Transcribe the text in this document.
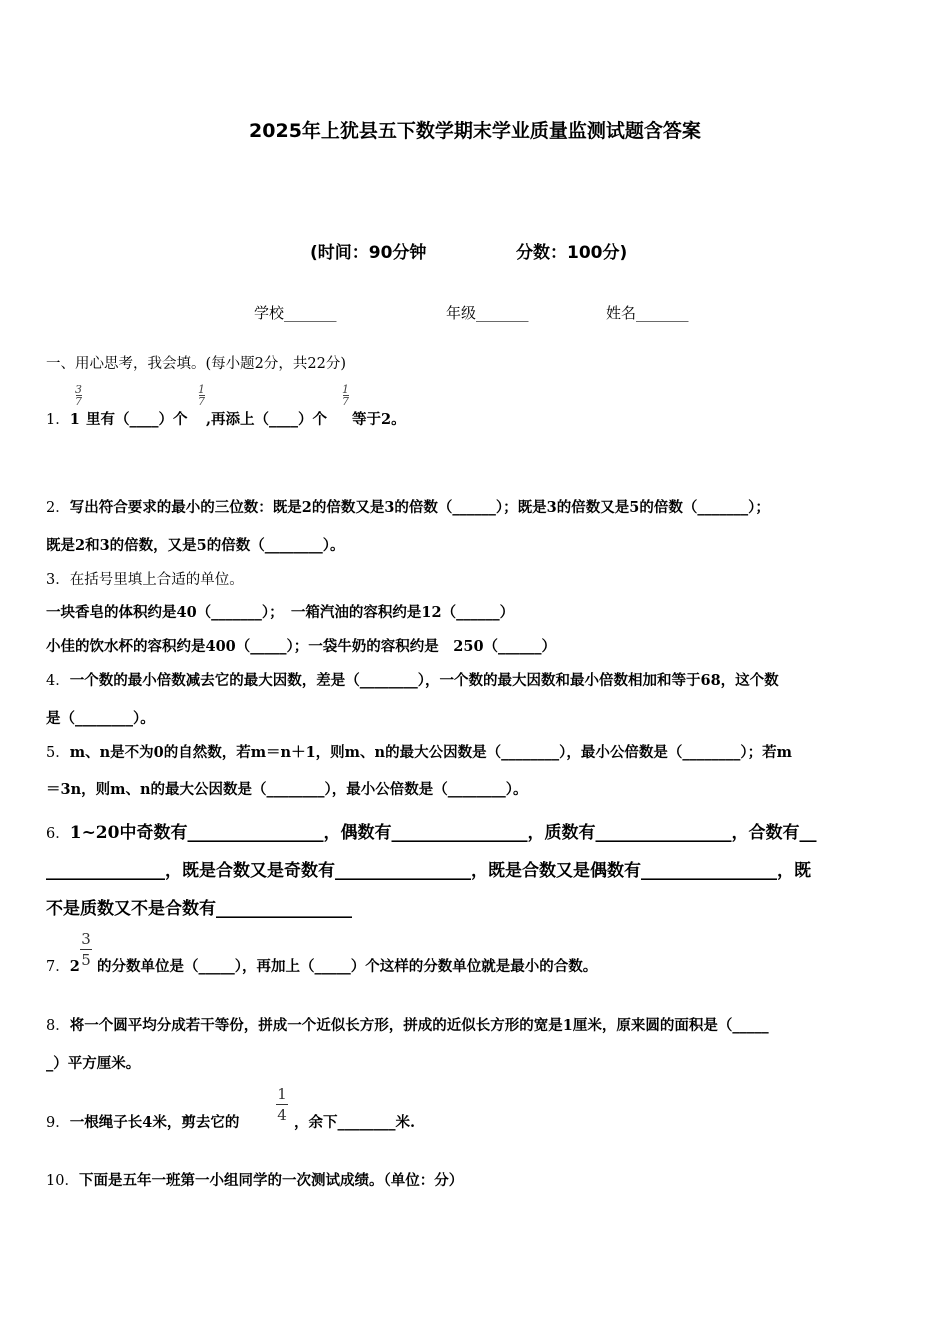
2025年上犹县五下数学期末学业质量监测试题含答案
(时间：90分钟	分数：100分)
学校_______	年级_______	姓名_______
一、用心思考，我会填。(每小题2分，共22分)
1．1
3
7
里有（____）个
1
7
,再添上（____）个
1
7
等于2。
2．写出符合要求的最小的三位数：既是2的倍数又是3的倍数（______）；既是3的倍数又是5的倍数（_______）；
既是2和3的倍数，又是5的倍数（________）。
3．在括号里填上合适的单位。
一块香皂的体积约是40（_______）；　一箱汽油的容积约是12（______）
小佳的饮水杯的容积约是400（_____）；一袋牛奶的容积约是　250（______）
4．一个数的最小倍数减去它的最大因数，差是（________），一个数的最大因数和最小倍数相加和等于68，这个数
是（________）。
5．m、n是不为0的自然数，若m＝n＋1，则m、n的最大公因数是（________），最小公倍数是（________）；若m
＝3n，则m、n的最大公因数是（________），最小公倍数是（________）。
6．1~20中奇数有________________，偶数有________________，质数有________________，合数有__
______________，既是合数又是奇数有________________，既是合数又是偶数有________________，既
不是质数又不是合数有________________
7．2
3
5 的分数单位是（_____），再加上（_____）个这样的分数单位就是最小的合数。
8．将一个圆平均分成若干等份，拼成一个近似长方形，拼成的近似长方形的宽是1厘米，原来圆的面积是（_____
_）平方厘米。
9．一根绳子长4米，剪去它的
1
4 ，余下________米.
10．下面是五年一班第一小组同学的一次测试成绩。（单位：分）
